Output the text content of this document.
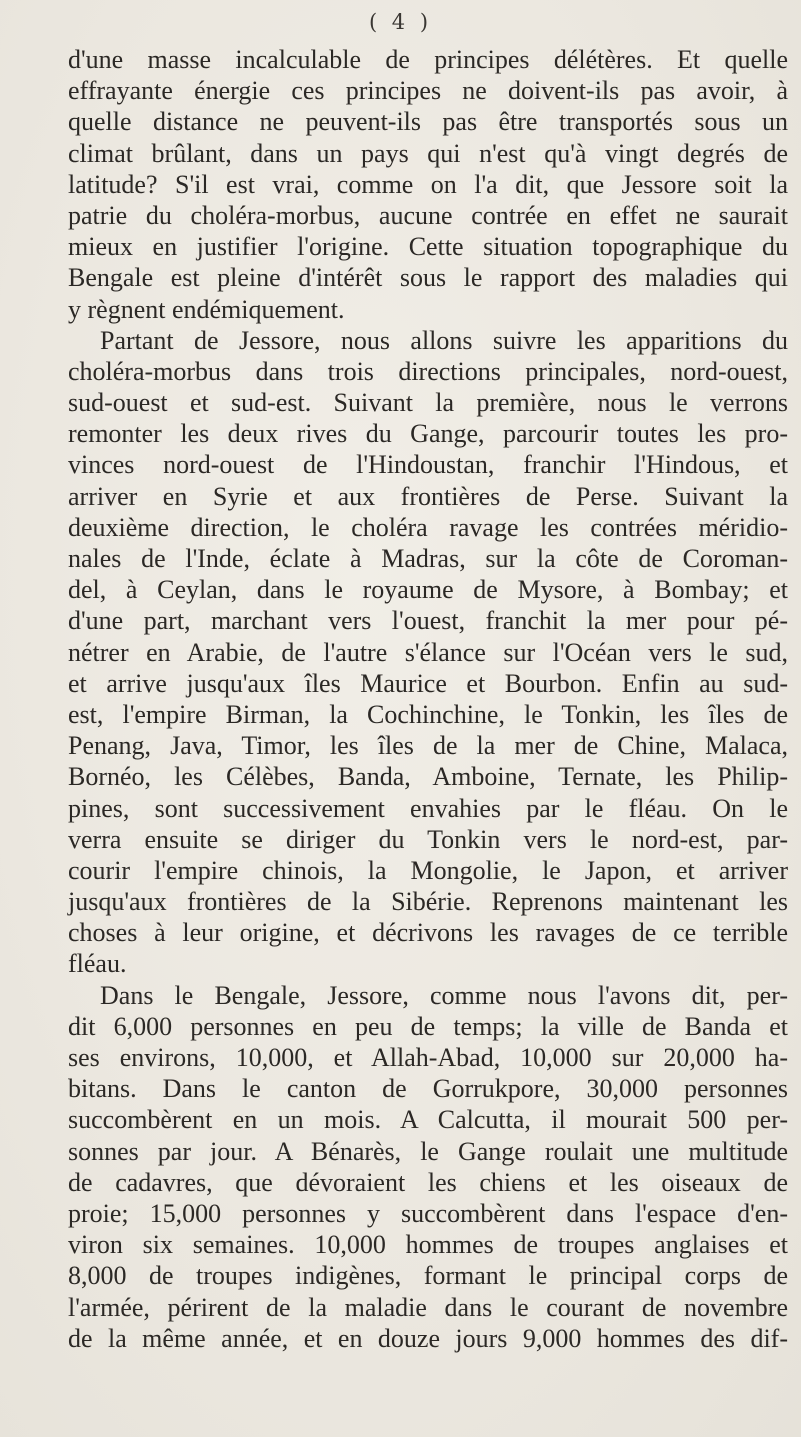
( 4 )
d'une masse incalculable de principes délétères. Et quelle
effrayante énergie ces principes ne doivent-ils pas avoir, à
quelle distance ne peuvent-ils pas être transportés sous un
climat brûlant, dans un pays qui n'est qu'à vingt degrés de
latitude? S'il est vrai, comme on l'a dit, que Jessore soit la
patrie du choléra-morbus, aucune contrée en effet ne saurait
mieux en justifier l'origine. Cette situation topographique du
Bengale est pleine d'intérêt sous le rapport des maladies qui
y règnent endémiquement.
Partant de Jessore, nous allons suivre les apparitions du
choléra-morbus dans trois directions principales, nord-ouest,
sud-ouest et sud-est. Suivant la première, nous le verrons
remonter les deux rives du Gange, parcourir toutes les pro-
vinces nord-ouest de l'Hindoustan, franchir l'Hindous, et
arriver en Syrie et aux frontières de Perse. Suivant la
deuxième direction, le choléra ravage les contrées méridio-
nales de l'Inde, éclate à Madras, sur la côte de Coroman-
del, à Ceylan, dans le royaume de Mysore, à Bombay; et
d'une part, marchant vers l'ouest, franchit la mer pour pé-
nétrer en Arabie, de l'autre s'élance sur l'Océan vers le sud,
et arrive jusqu'aux îles Maurice et Bourbon. Enfin au sud-
est, l'empire Birman, la Cochinchine, le Tonkin, les îles de
Penang, Java, Timor, les îles de la mer de Chine, Malaca,
Bornéo, les Célèbes, Banda, Amboine, Ternate, les Philip-
pines, sont successivement envahies par le fléau. On le
verra ensuite se diriger du Tonkin vers le nord-est, par-
courir l'empire chinois, la Mongolie, le Japon, et arriver
jusqu'aux frontières de la Sibérie. Reprenons maintenant les
choses à leur origine, et décrivons les ravages de ce terrible
fléau.
Dans le Bengale, Jessore, comme nous l'avons dit, per-
dit 6,000 personnes en peu de temps; la ville de Banda et
ses environs, 10,000, et Allah-Abad, 10,000 sur 20,000 ha-
bitans. Dans le canton de Gorrukpore, 30,000 personnes
succombèrent en un mois. A Calcutta, il mourait 500 per-
sonnes par jour. A Bénarès, le Gange roulait une multitude
de cadavres, que dévoraient les chiens et les oiseaux de
proie; 15,000 personnes y succombèrent dans l'espace d'en-
viron six semaines. 10,000 hommes de troupes anglaises et
8,000 de troupes indigènes, formant le principal corps de
l'armée, périrent de la maladie dans le courant de novembre
de la même année, et en douze jours 9,000 hommes des dif-
